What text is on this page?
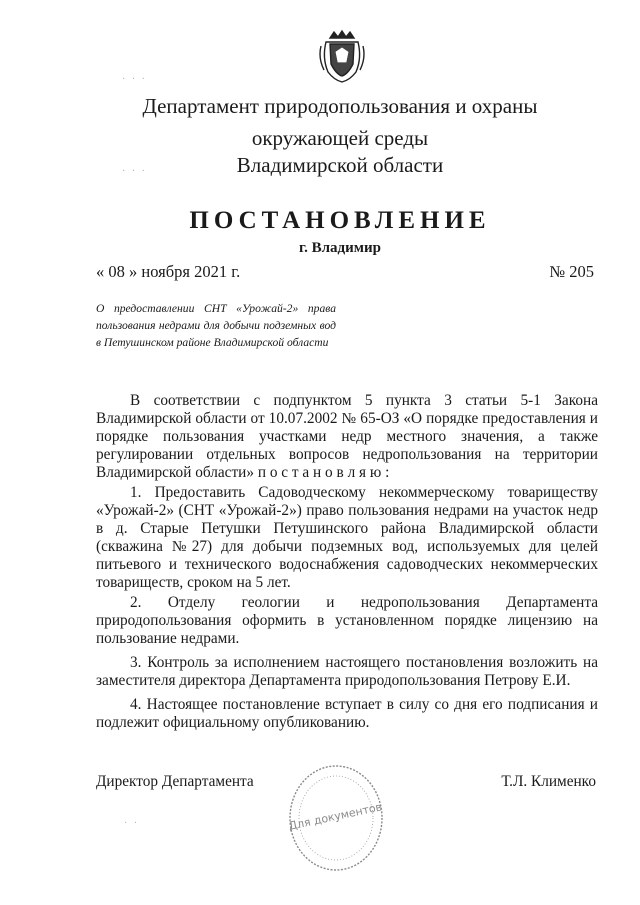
Департамент природопользования и охраны
окружающей среды
Владимирской области
ПОСТАНОВЛЕНИЕ
г. Владимир
« 08 » ноября 2021 г.	№ 205
О предоставлении СНТ «Урожай-2» права пользования недрами для добычи подземных вод в Петушинском районе Владимирской области

В соответствии с подпунктом 5 пункта 3 статьи 5-1 Закона Владимирской области от 10.07.2002 № 65-ОЗ «О порядке предоставления и порядке пользования участками недр местного значения, а также регулировании отдельных вопросов недропользования на территории Владимирской области» п о с т а н о в л я ю :

1. Предоставить Садоводческому некоммерческому товариществу «Урожай-2» (СНТ «Урожай-2») право пользования недрами на участок недр в д. Старые Петушки Петушинского района Владимирской области (скважина №27) для добычи подземных вод, используемых для целей питьевого и технического водоснабжения садоводческих некоммерческих товариществ, сроком на 5 лет.

2. Отделу геологии и недропользования Департамента природопользования оформить в установленном порядке лицензию на пользование недрами.

3. Контроль за исполнением настоящего постановления возложить на заместителя директора Департамента природопользования Петрову Е.И.

4. Настоящее постановление вступает в силу со дня его подписания и подлежит официальному опубликованию.

Директор Департамента	Т.Л. Клименко
Для документов
· · ·
· · ·
· ·
